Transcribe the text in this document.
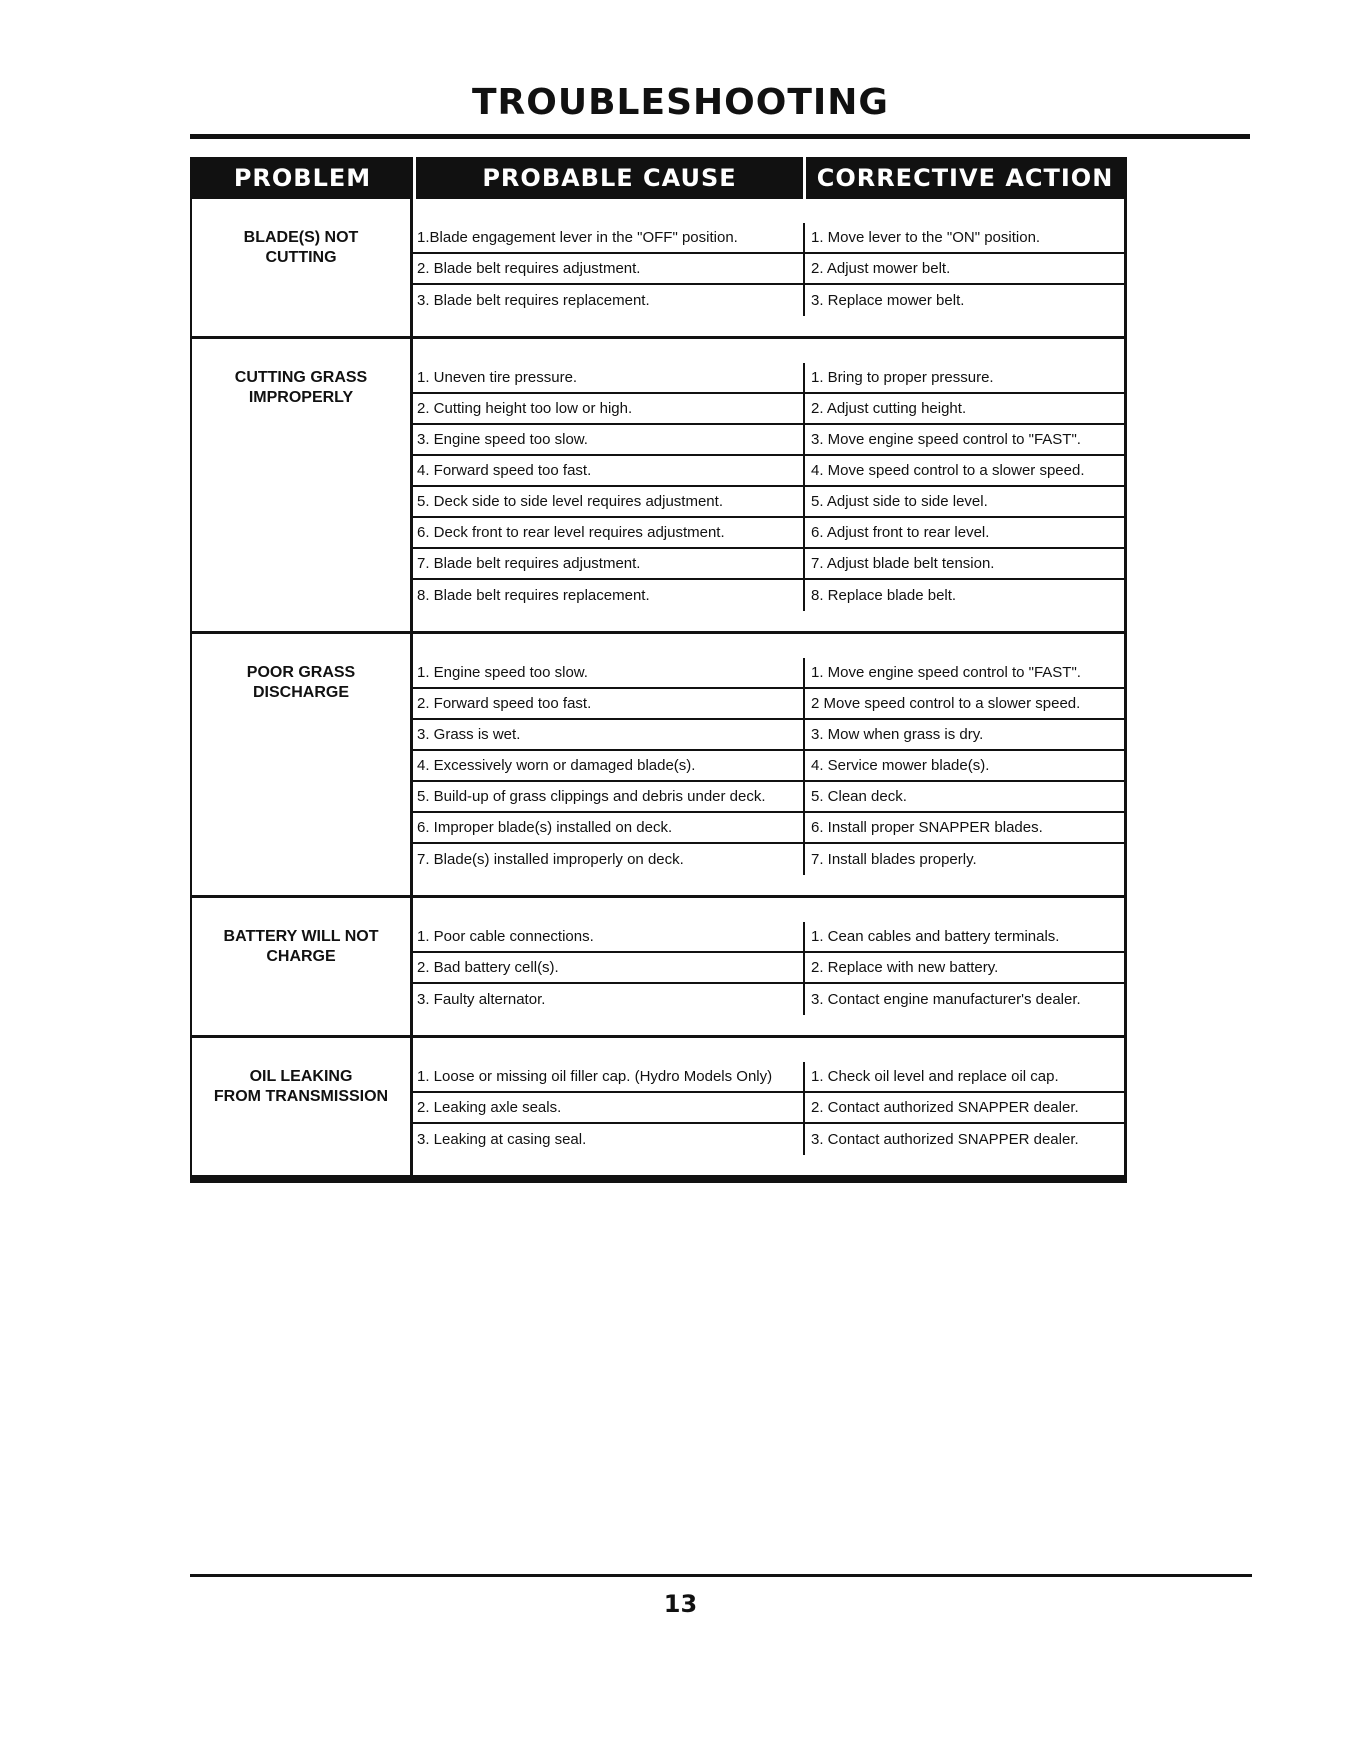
TROUBLESHOOTING
PROBLEM	PROBABLE CAUSE	CORRECTIVE ACTION
BLADE(S) NOT
CUTTING
1.Blade engagement lever in the "OFF" position.	1. Move lever to the "ON" position.
2. Blade belt requires adjustment.	2. Adjust mower belt.
3. Blade belt requires replacement.	3. Replace mower belt.
CUTTING GRASS
IMPROPERLY
1. Uneven tire pressure.	1. Bring to proper pressure.
2. Cutting height too low or high.	2. Adjust cutting height.
3. Engine speed too slow.	3. Move engine speed control to "FAST".
4. Forward speed too fast.	4. Move speed control to a slower speed.
5. Deck side to side level requires adjustment.	5. Adjust side to side level.
6. Deck front to rear level requires adjustment.	6. Adjust front to rear level.
7. Blade belt requires adjustment.	7. Adjust blade belt tension.
8. Blade belt requires replacement.	8. Replace blade belt.
POOR GRASS
DISCHARGE
1. Engine speed too slow.	1. Move engine speed control to "FAST".
2. Forward speed too fast.	2 Move speed control to a slower speed.
3. Grass is wet.	3. Mow when grass is dry.
4. Excessively worn or damaged blade(s).	4. Service mower blade(s).
5. Build-up of grass clippings and debris under deck.	5. Clean deck.
6. Improper blade(s) installed on deck.	6. Install proper SNAPPER blades.
7. Blade(s) installed improperly on deck.	7. Install blades properly.
BATTERY WILL NOT
CHARGE
1. Poor cable connections.	1. Cean cables and battery terminals.
2. Bad battery cell(s).	2. Replace with new battery.
3. Faulty alternator.	3. Contact engine manufacturer's dealer.
OIL LEAKING
FROM TRANSMISSION
1. Loose or missing oil filler cap. (Hydro Models Only)	1. Check oil level and replace oil cap.
2. Leaking axle seals.	2. Contact authorized SNAPPER dealer.
3. Leaking at casing seal.	3. Contact authorized SNAPPER dealer.
13
